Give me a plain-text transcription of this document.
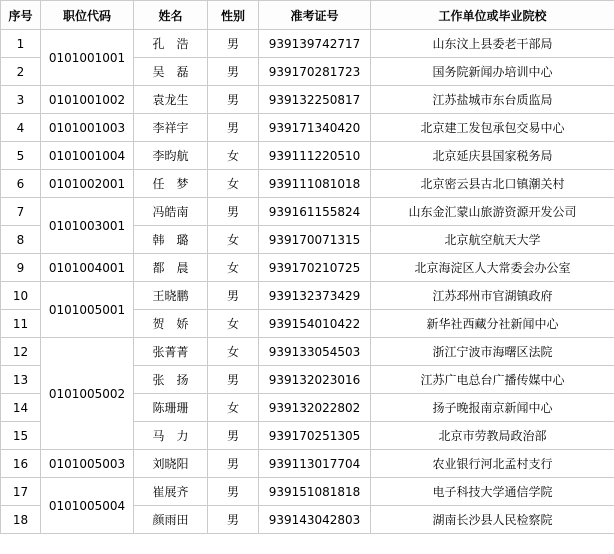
序号	职位代码	姓名	性别	准考证号	工作单位或毕业院校
1	0101001001	孔　浩	男	939139742717	山东汶上县委老干部局
2		吴　磊	男	939170281723	国务院新闻办培训中心
3	0101001002	袁龙生	男	939132250817	江苏盐城市东台质监局
4	0101001003	李祥宇	男	939171340420	北京建工发包承包交易中心
5	0101001004	李昀航	女	939111220510	北京延庆县国家税务局
6	0101002001	任　梦	女	939111081018	北京密云县古北口镇潮关村
7	0101003001	冯皓南	男	939161155824	山东金汇蒙山旅游资源开发公司
8		韩　璐	女	939170071315	北京航空航天大学
9	0101004001	都　晨	女	939170210725	北京海淀区人大常委会办公室
10	0101005001	王晓鹏	男	939132373429	江苏邳州市官湖镇政府
11		贺　娇	女	939154010422	新华社西藏分社新闻中心
12	0101005002	张菁菁	女	939133054503	浙江宁波市海曙区法院
13		张　扬	男	939132023016	江苏广电总台广播传媒中心
14		陈珊珊	女	939132022802	扬子晚报南京新闻中心
15		马　力	男	939170251305	北京市劳教局政治部
16	0101005003	刘晓阳	男	939113017704	农业银行河北孟村支行
17	0101005004	崔展齐	男	939151081818	电子科技大学通信学院
18		颜雨田	男	939143042803	湖南长沙县人民检察院
